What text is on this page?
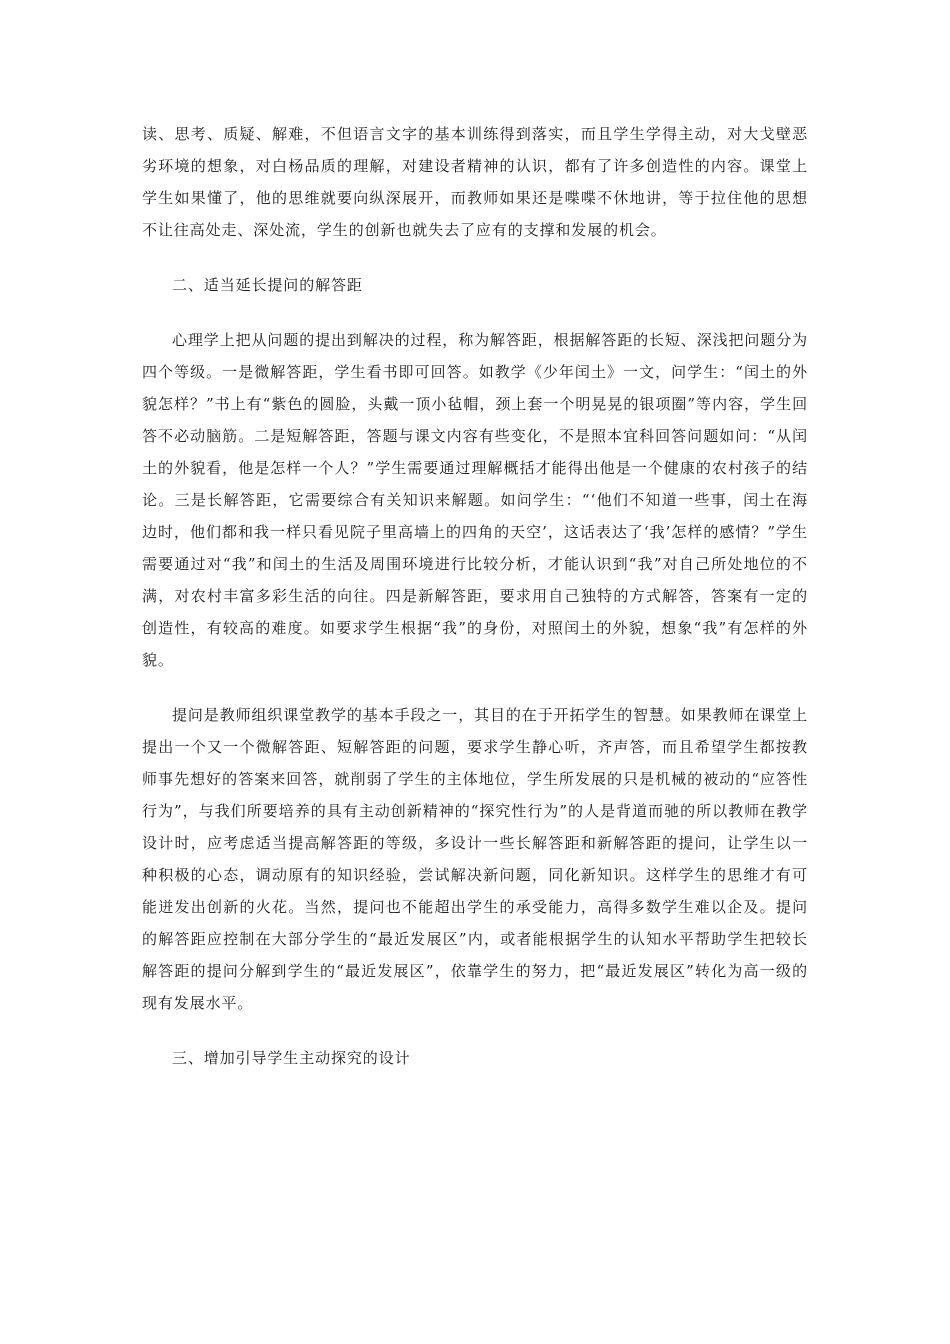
读、思考、质疑、解难，不但语言文字的基本训练得到落实，而且学生学得主动，对大戈壁恶劣环境的想象，对白杨品质的理解，对建设者精神的认识，都有了许多创造性的内容。课堂上学生如果懂了，他的思维就要向纵深展开，而教师如果还是喋喋不休地讲，等于拉住他的思想不让往高处走、深处流，学生的创新也就失去了应有的支撑和发展的机会。

二、适当延长提问的解答距

心理学上把从问题的提出到解决的过程，称为解答距，根据解答距的长短、深浅把问题分为四个等级。一是微解答距，学生看书即可回答。如教学《少年闰土》一文，问学生：“闰土的外貌怎样？”书上有“紫色的圆脸，头戴一顶小毡帽，颈上套一个明晃晃的银项圈”等内容，学生回答不必动脑筋。二是短解答距，答题与课文内容有些变化，不是照本宜科回答问题如问：“从闰土的外貌看，他是怎样一个人？”学生需要通过理解概括才能得出他是一个健康的农村孩子的结论。三是长解答距，它需要综合有关知识来解题。如问学生：“‘他们不知道一些事，闰土在海边时，他们都和我一样只看见院子里高墙上的四角的天空’，这话表达了‘我’怎样的感情？”学生需要通过对“我”和闰土的生活及周围环境进行比较分析，才能认识到“我”对自己所处地位的不满，对农村丰富多彩生活的向往。四是新解答距，要求用自己独特的方式解答，答案有一定的创造性，有较高的难度。如要求学生根据“我”的身份，对照闰土的外貌，想象“我”有怎样的外貌。

提问是教师组织课堂教学的基本手段之一，其目的在于开拓学生的智慧。如果教师在课堂上提出一个又一个微解答距、短解答距的问题，要求学生静心听，齐声答，而且希望学生都按教师事先想好的答案来回答，就削弱了学生的主体地位，学生所发展的只是机械的被动的“应答性行为”，与我们所要培养的具有主动创新精神的“探究性行为”的人是背道而驰的所以教师在教学设计时，应考虑适当提高解答距的等级，多设计一些长解答距和新解答距的提问，让学生以一种积极的心态，调动原有的知识经验，尝试解决新问题，同化新知识。这样学生的思维才有可能迸发出创新的火花。当然，提问也不能超出学生的承受能力，高得多数学生难以企及。提问的解答距应控制在大部分学生的“最近发展区”内，或者能根据学生的认知水平帮助学生把较长解答距的提问分解到学生的“最近发展区”，依靠学生的努力，把“最近发展区”转化为高一级的现有发展水平。

三、增加引导学生主动探究的设计
